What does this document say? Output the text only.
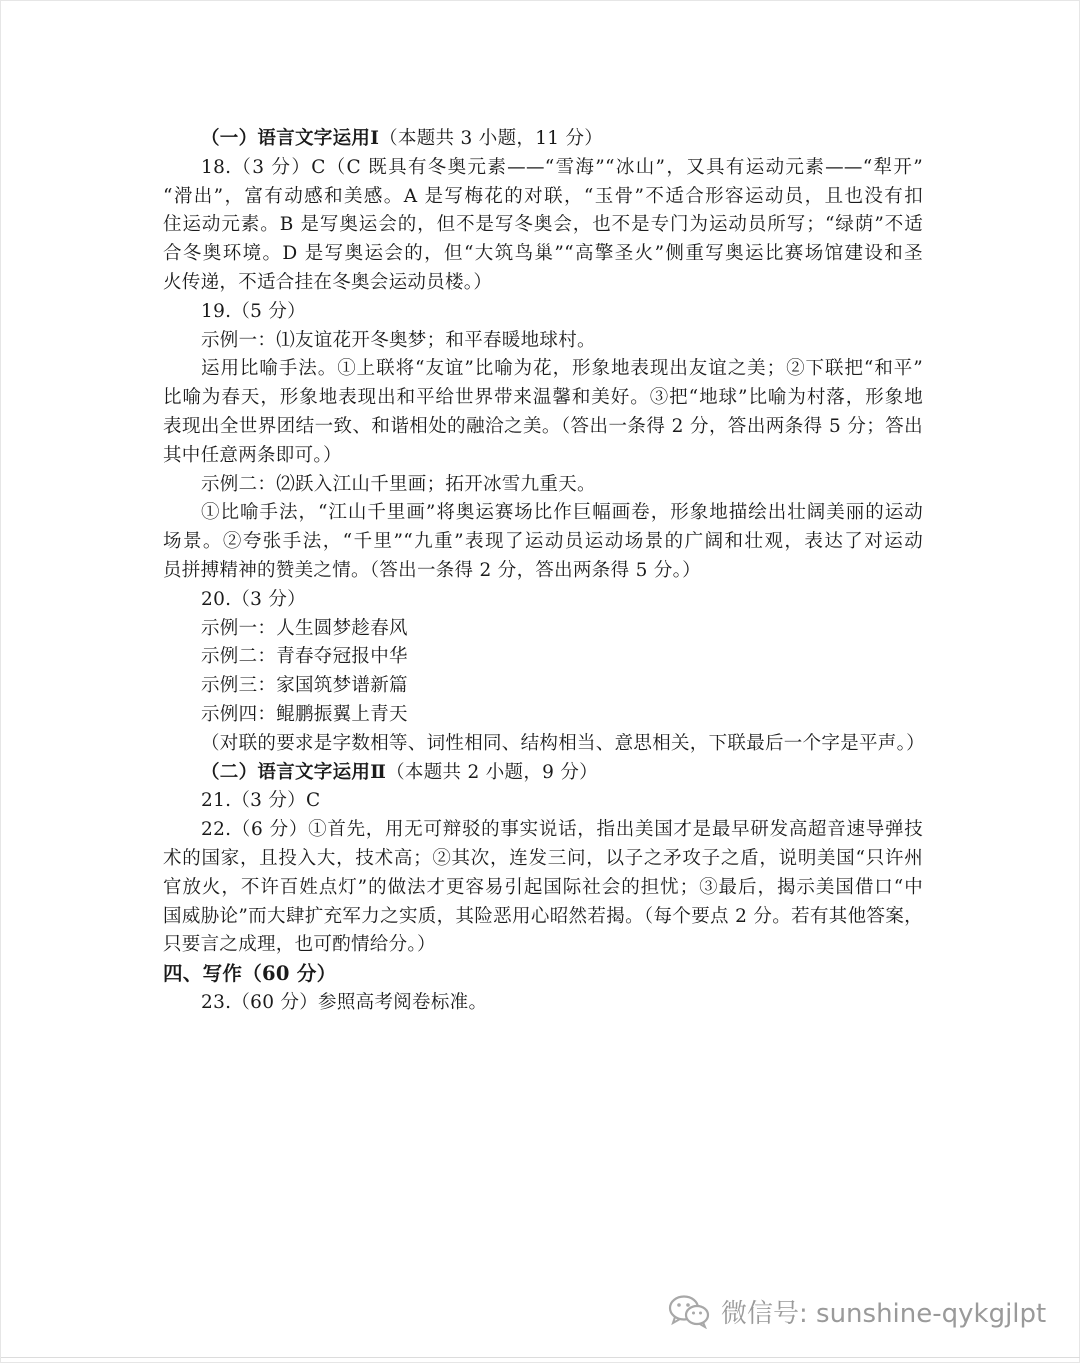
（一）语言文字运用Ⅰ（本题共 3 小题，11 分）
18.（3 分）C（C 既具有冬奥元素——“雪海”“冰山”，又具有运动元素——“犁开”
“滑出”，富有动感和美感。A 是写梅花的对联，“玉骨”不适合形容运动员，且也没有扣
住运动元素。B 是写奥运会的，但不是写冬奥会，也不是专门为运动员所写；“绿荫”不适
合冬奥环境。D 是写奥运会的，但“大筑鸟巢”“高擎圣火”侧重写奥运比赛场馆建设和圣
火传递，不适合挂在冬奥会运动员楼。）
19.（5 分）
示例一：⑴友谊花开冬奥梦；和平春暖地球村。
运用比喻手法。①上联将“友谊”比喻为花，形象地表现出友谊之美；②下联把“和平”
比喻为春天，形象地表现出和平给世界带来温馨和美好。③把“地球”比喻为村落，形象地
表现出全世界团结一致、和谐相处的融洽之美。（答出一条得 2 分，答出两条得 5 分；答出
其中任意两条即可。）
示例二：⑵跃入江山千里画；拓开冰雪九重天。
①比喻手法，“江山千里画”将奥运赛场比作巨幅画卷，形象地描绘出壮阔美丽的运动
场景。②夸张手法，“千里”“九重”表现了运动员运动场景的广阔和壮观，表达了对运动
员拼搏精神的赞美之情。（答出一条得 2 分，答出两条得 5 分。）
20.（3 分）
示例一：人生圆梦趁春风
示例二：青春夺冠报中华
示例三：家国筑梦谱新篇
示例四：鲲鹏振翼上青天
（对联的要求是字数相等、词性相同、结构相当、意思相关，下联最后一个字是平声。）
（二）语言文字运用Ⅱ（本题共 2 小题，9 分）
21.（3 分）C
22.（6 分）①首先，用无可辩驳的事实说话，指出美国才是最早研发高超音速导弹技
术的国家，且投入大，技术高；②其次，连发三问，以子之矛攻子之盾，说明美国“只许州
官放火，不许百姓点灯”的做法才更容易引起国际社会的担忧；③最后，揭示美国借口“中
国威胁论”而大肆扩充军力之实质，其险恶用心昭然若揭。（每个要点 2 分。若有其他答案，
只要言之成理，也可酌情给分。）
四、写作（60 分）
23.（60 分）参照高考阅卷标准。
微信号: sunshine-qykgjlpt
